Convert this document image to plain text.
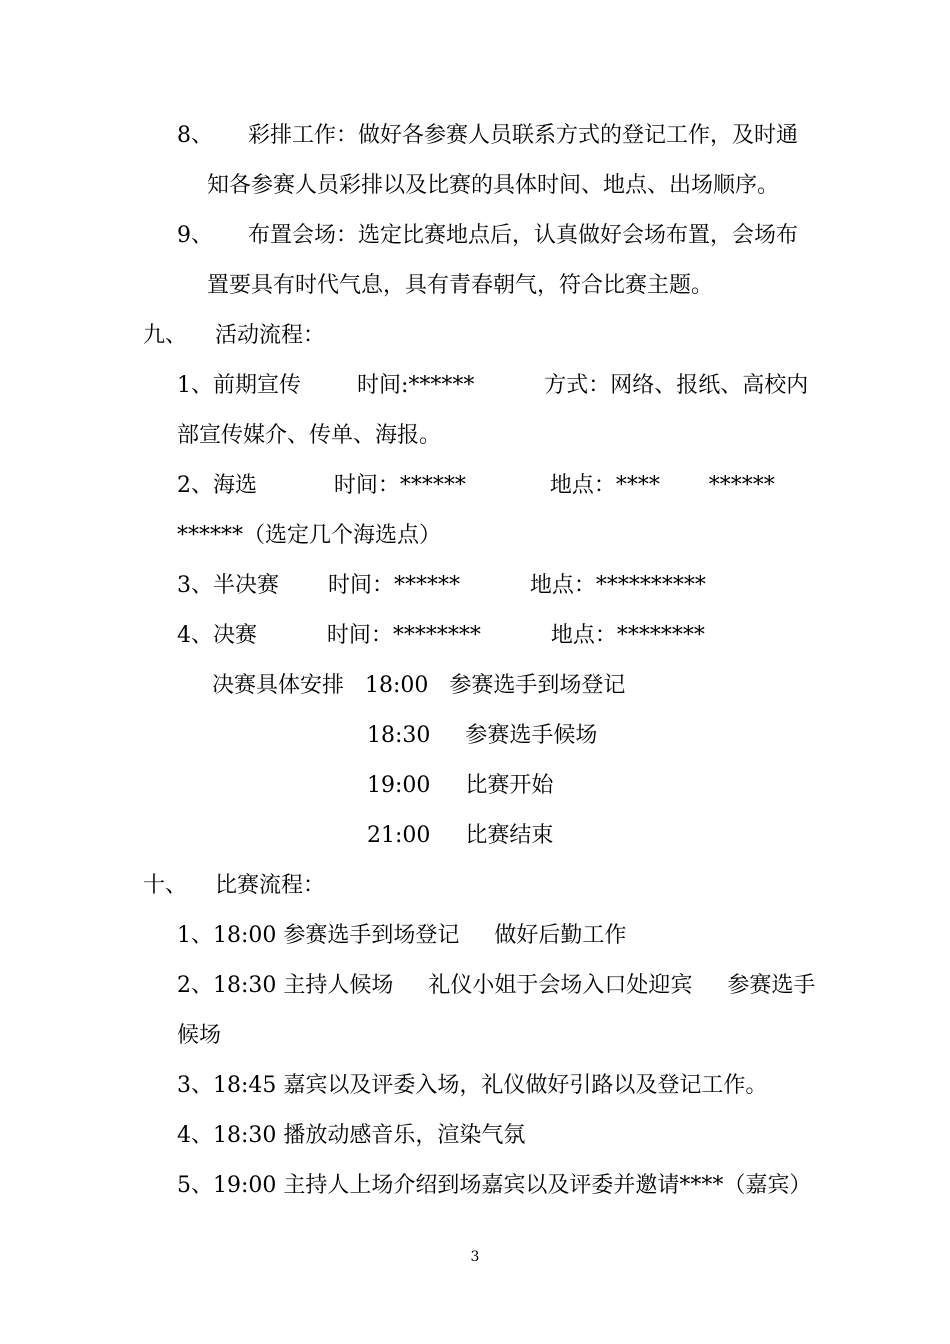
8、     彩排工作：做好各参赛人员联系方式的登记工作，及时通
知各参赛人员彩排以及比赛的具体时间、地点、出场顺序。
9、     布置会场：选定比赛地点后，认真做好会场布置，会场布
置要具有时代气息，具有青春朝气，符合比赛主题。
九、    活动流程：
1、前期宣传        时间:******          方式：网络、报纸、高校内
部宣传媒介、传单、海报。
2、海选           时间：******            地点：****       ******
******（选定几个海选点）
3、半决赛       时间：******          地点：**********
4、决赛          时间：********          地点：********
决赛具体安排   18:00   参赛选手到场登记
18:30     参赛选手候场
19:00     比赛开始
21:00     比赛结束
十、    比赛流程：
1、18:00 参赛选手到场登记     做好后勤工作
2、18:30 主持人候场     礼仪小姐于会场入口处迎宾     参赛选手
候场
3、18:45 嘉宾以及评委入场，礼仪做好引路以及登记工作。
4、18:30 播放动感音乐，渲染气氛
5、19:00 主持人上场介绍到场嘉宾以及评委并邀请****（嘉宾）
3
